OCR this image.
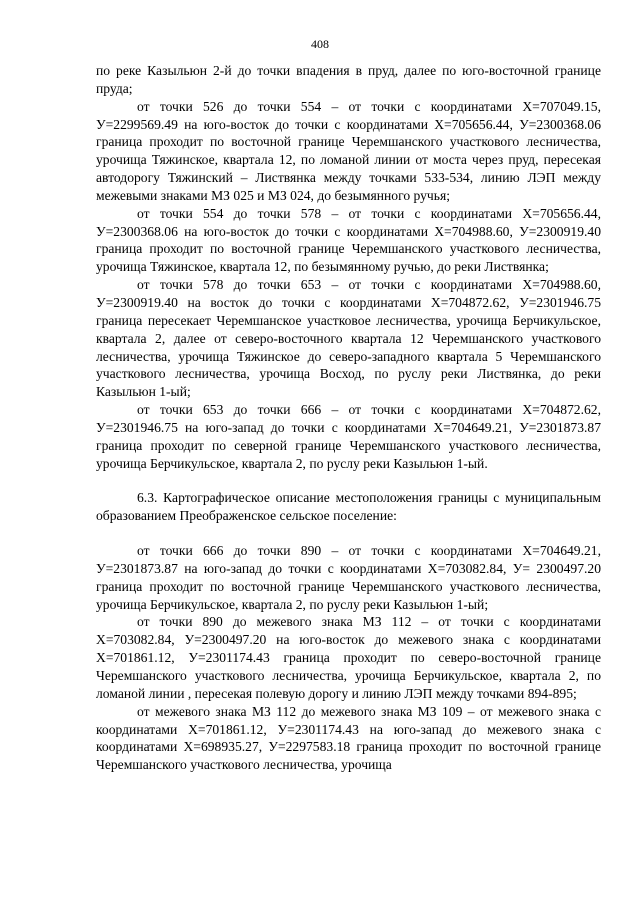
408

по реке Казыльюн 2-й до точки впадения в пруд, далее по юго-восточной границе пруда;

от точки 526 до точки 554 – от точки с координатами Х=707049.15, У=2299569.49 на юго-восток до точки с координатами Х=705656.44, У=2300368.06 граница проходит по восточной границе Черемшанского участкового лесничества, урочища Тяжинское, квартала 12, по ломаной линии от моста через пруд, пересекая автодорогу Тяжинский – Листвянка между точками 533-534, линию ЛЭП между межевыми знаками МЗ 025 и МЗ 024, до безымянного ручья;

от точки 554 до точки 578 – от точки с координатами Х=705656.44, У=2300368.06 на юго-восток до точки с координатами Х=704988.60, У=2300919.40 граница проходит по восточной границе Черемшанского участкового лесничества, урочища Тяжинское, квартала 12, по безымянному ручью, до реки Листвянка;

от точки 578 до точки 653 – от точки с координатами Х=704988.60, У=2300919.40 на восток до точки с координатами Х=704872.62, У=2301946.75 граница пересекает Черемшанское участковое лесничества, урочища Берчикульское, квартала 2, далее от северо-восточного квартала 12 Черемшанского участкового лесничества, урочища Тяжинское до северо-западного квартала 5 Черемшанского участкового лесничества, урочища Восход, по руслу реки Листвянка, до реки Казыльюн 1-ый;

от точки 653 до точки 666 – от точки с координатами Х=704872.62, У=2301946.75 на юго-запад до точки с координатами Х=704649.21, У=2301873.87 граница проходит по северной границе Черемшанского участкового лесничества, урочища Берчикульское, квартала 2, по руслу реки Казыльюн 1-ый.

6.3. Картографическое описание местоположения границы с муниципальным образованием Преображенское сельское поселение:

от точки 666 до точки 890 – от точки с координатами Х=704649.21, У=2301873.87 на юго-запад до точки с координатами Х=703082.84, У= 2300497.20 граница проходит по восточной границе Черемшанского участкового лесничества, урочища Берчикульское, квартала 2, по руслу реки Казыльюн 1-ый;

от точки 890 до межевого знака МЗ 112 – от точки с координатами Х=703082.84, У=2300497.20 на юго-восток до межевого знака с координатами Х=701861.12, У=2301174.43 граница проходит по северо-восточной границе Черемшанского участкового лесничества, урочища Берчикульское, квартала 2, по ломаной линии , пересекая полевую дорогу и линию ЛЭП между точками 894-895;

от межевого знака МЗ 112 до межевого знака МЗ 109 – от межевого знака с координатами Х=701861.12, У=2301174.43 на юго-запад до межевого знака с координатами Х=698935.27, У=2297583.18 граница проходит по восточной границе Черемшанского участкового лесничества, урочища
